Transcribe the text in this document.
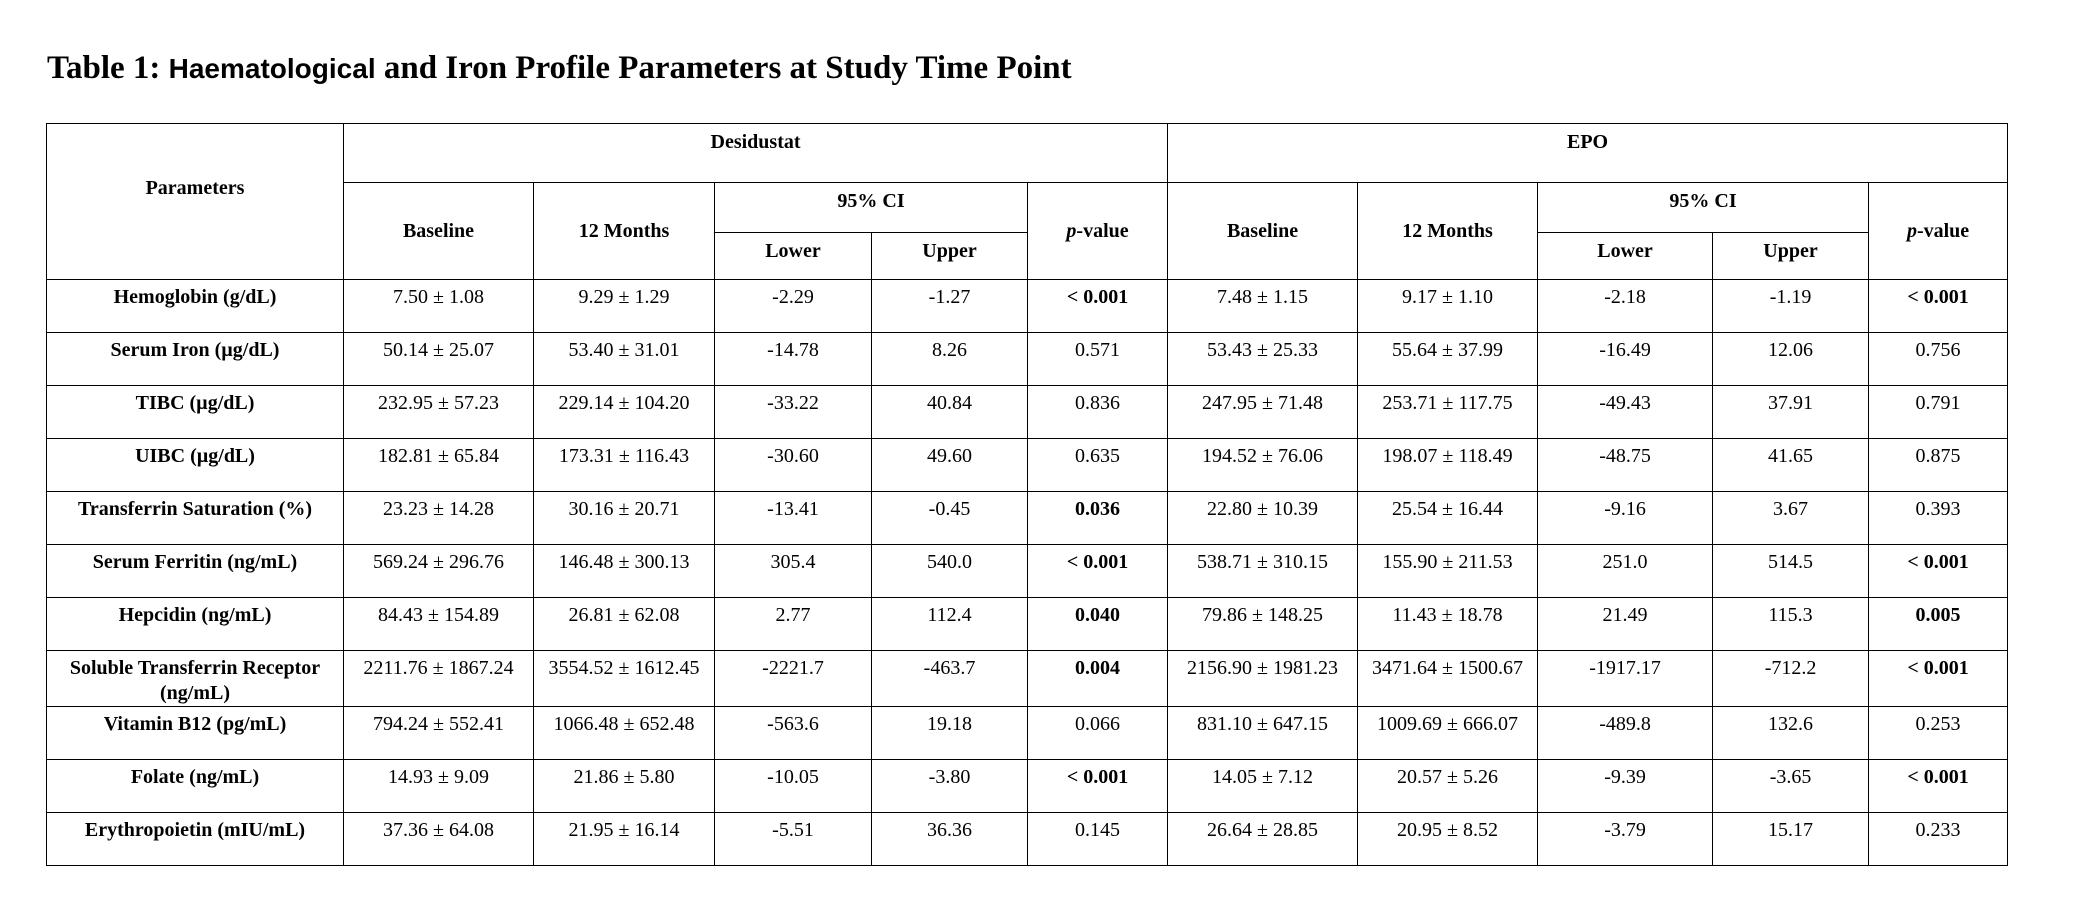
Table 1: Haematological and Iron Profile Parameters at Study Time Point
Parameters	Desidustat					EPO				
	Baseline	12 Months	95% CI		p-value	Baseline	12 Months	95% CI		p-value
			Lower	Upper				Lower	Upper	
Hemoglobin (g/dL)	7.50 ± 1.08	9.29 ± 1.29	-2.29	-1.27	< 0.001	7.48 ± 1.15	9.17 ± 1.10	-2.18	-1.19	< 0.001
Serum Iron (µg/dL)	50.14 ± 25.07	53.40 ± 31.01	-14.78	8.26	0.571	53.43 ± 25.33	55.64 ± 37.99	-16.49	12.06	0.756
TIBC (µg/dL)	232.95 ± 57.23	229.14 ± 104.20	-33.22	40.84	0.836	247.95 ± 71.48	253.71 ± 117.75	-49.43	37.91	0.791
UIBC (µg/dL)	182.81 ± 65.84	173.31 ± 116.43	-30.60	49.60	0.635	194.52 ± 76.06	198.07 ± 118.49	-48.75	41.65	0.875
Transferrin Saturation (%)	23.23 ± 14.28	30.16 ± 20.71	-13.41	-0.45	0.036	22.80 ± 10.39	25.54 ± 16.44	-9.16	3.67	0.393
Serum Ferritin (ng/mL)	569.24 ± 296.76	146.48 ± 300.13	305.4	540.0	< 0.001	538.71 ± 310.15	155.90 ± 211.53	251.0	514.5	< 0.001
Hepcidin (ng/mL)	84.43 ± 154.89	26.81 ± 62.08	2.77	112.4	0.040	79.86 ± 148.25	11.43 ± 18.78	21.49	115.3	0.005
Soluble Transferrin Receptor (ng/mL)	2211.76 ± 1867.24	3554.52 ± 1612.45	-2221.7	-463.7	0.004	2156.90 ± 1981.23	3471.64 ± 1500.67	-1917.17	-712.2	< 0.001
Vitamin B12 (pg/mL)	794.24 ± 552.41	1066.48 ± 652.48	-563.6	19.18	0.066	831.10 ± 647.15	1009.69 ± 666.07	-489.8	132.6	0.253
Folate (ng/mL)	14.93 ± 9.09	21.86 ± 5.80	-10.05	-3.80	< 0.001	14.05 ± 7.12	20.57 ± 5.26	-9.39	-3.65	< 0.001
Erythropoietin (mIU/mL)	37.36 ± 64.08	21.95 ± 16.14	-5.51	36.36	0.145	26.64 ± 28.85	20.95 ± 8.52	-3.79	15.17	0.233
